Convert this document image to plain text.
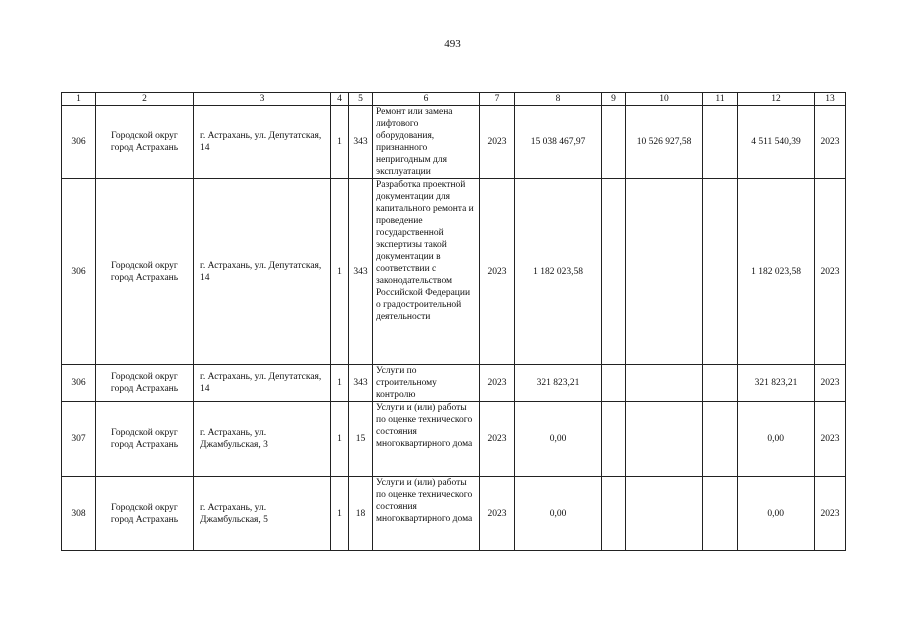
493
1	2	3	4	5	6	7	8	9	10	11	12	13
306	Городской округ город Астрахань	г. Астрахань, ул. Депутатская, 14	1	343	Ремонт или замена лифтового оборудования, признанного непригодным для эксплуатации	2023	15 038 467,97		10 526 927,58		4 511 540,39	2023
306	Городской округ город Астрахань	г. Астрахань, ул. Депутатская, 14	1	343	Разработка проектной документации для капитального ремонта и проведение государственной экспертизы такой документации в соответствии с законодательством Российской Федерации о градостроительной деятельности	2023	1 182 023,58				1 182 023,58	2023
306	Городской округ город Астрахань	г. Астрахань, ул. Депутатская, 14	1	343	Услуги по строительному контролю	2023	321 823,21				321 823,21	2023
307	Городской округ город Астрахань	г. Астрахань, ул. Джамбульская, 3	1	15	Услуги и (или) работы по оценке технического состояния многоквартирного дома	2023	0,00				0,00	2023
308	Городской округ город Астрахань	г. Астрахань, ул. Джамбульская, 5	1	18	Услуги и (или) работы по оценке технического состояния многоквартирного дома	2023	0,00				0,00	2023
